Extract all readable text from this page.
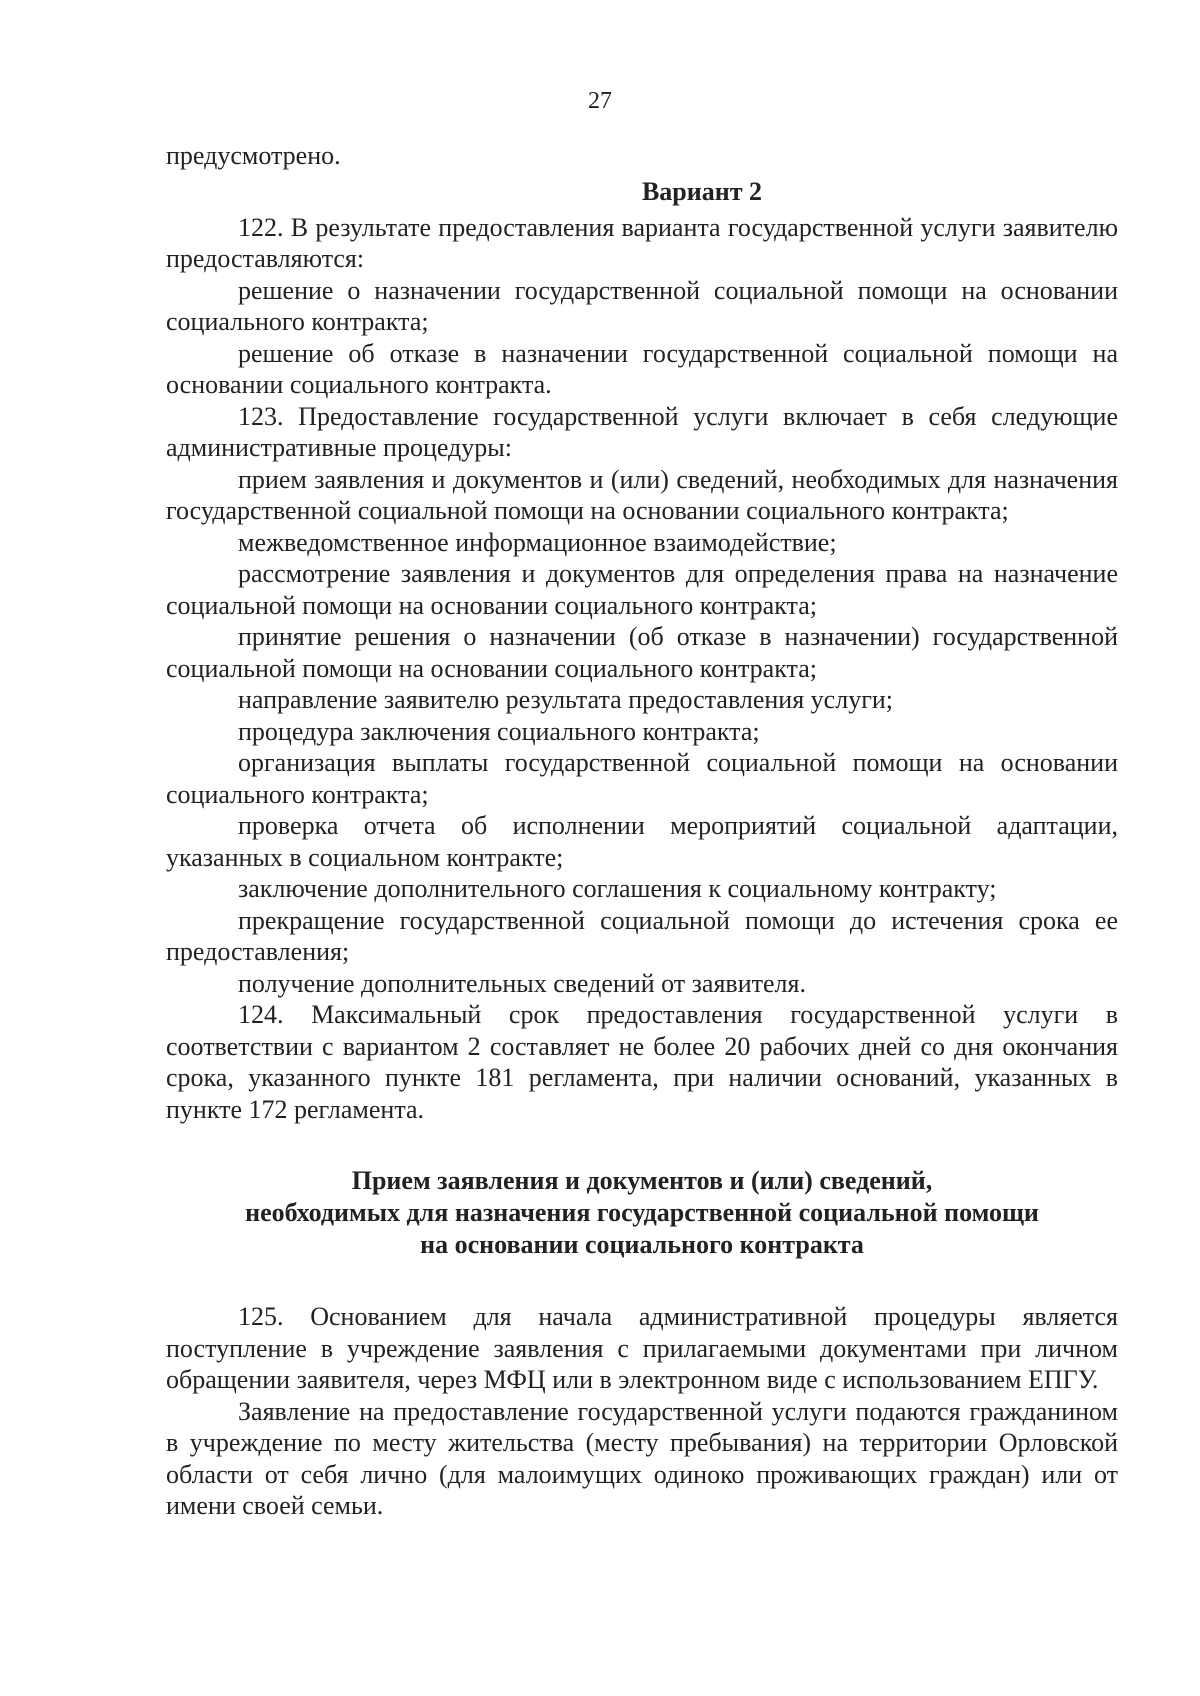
27

предусмотрено.

Вариант 2

122. В результате предоставления варианта государственной услуги заявителю предоставляются:

решение о назначении государственной социальной помощи на основании социального контракта;

решение об отказе в назначении государственной социальной помощи на основании социального контракта.

123. Предоставление государственной услуги включает в себя следующие административные процедуры:

прием заявления и документов и (или) сведений, необходимых для назначения государственной социальной помощи на основании социального контракта;

межведомственное информационное взаимодействие;

рассмотрение заявления и документов для определения права на назначение социальной помощи на основании социального контракта;

принятие решения о назначении (об отказе в назначении) государственной социальной помощи на основании социального контракта;

направление заявителю результата предоставления услуги;

процедура заключения социального контракта;

организация выплаты государственной социальной помощи на основании социального контракта;

проверка отчета об исполнении мероприятий социальной адаптации, указанных в социальном контракте;

заключение дополнительного соглашения к социальному контракту;

прекращение государственной социальной помощи до истечения срока ее предоставления;

получение дополнительных сведений от заявителя.

124. Максимальный срок предоставления государственной услуги в соответствии с вариантом 2 составляет не более 20 рабочих дней со дня окончания срока, указанного пункте 181 регламента, при наличии оснований, указанных в пункте 172 регламента.

Прием заявления и документов и (или) сведений,
необходимых для назначения государственной социальной помощи
на основании социального контракта

125. Основанием для начала административной процедуры является поступление в учреждение заявления с прилагаемыми документами при личном обращении заявителя, через МФЦ или в электронном виде с использованием ЕПГУ.

Заявление на предоставление государственной услуги подаются гражданином в учреждение по месту жительства (месту пребывания) на территории Орловской области от себя лично (для малоимущих одиноко проживающих граждан) или от имени своей семьи.
